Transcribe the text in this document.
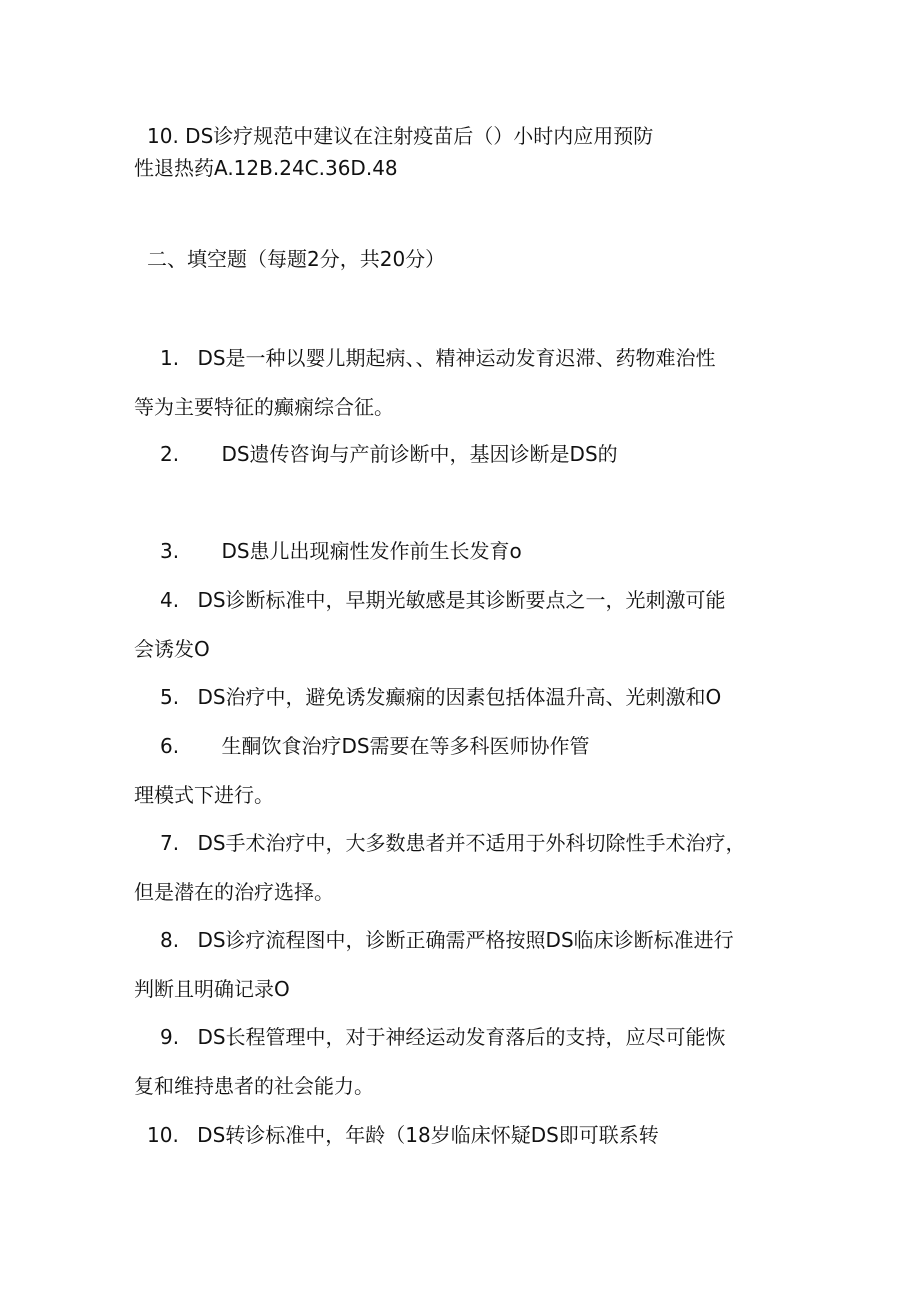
10. DS诊疗规范中建议在注射疫苗后（）小时内应用预防
性退热药A.12B.24C.36D.48
二、填空题（每题2分，共20分）
1. DS是一种以婴儿期起病、、精神运动发育迟滞、药物难治性
等为主要特征的癫痫综合征。
2. DS遗传咨询与产前诊断中，基因诊断是DS的
3. DS患儿出现痫性发作前生长发育o
4. DS诊断标准中，早期光敏感是其诊断要点之一，光刺激可能
会诱发O
5. DS治疗中，避免诱发癫痫的因素包括体温升高、光刺激和O
6. 生酮饮食治疗DS需要在等多科医师协作管
理模式下进行。
7. DS手术治疗中，大多数患者并不适用于外科切除性手术治疗，
但是潜在的治疗选择。
8. DS诊疗流程图中，诊断正确需严格按照DS临床诊断标准进行
判断且明确记录O
9. DS长程管理中，对于神经运动发育落后的支持，应尽可能恢
复和维持患者的社会能力。
10. DS转诊标准中，年龄（18岁临床怀疑DS即可联系转
